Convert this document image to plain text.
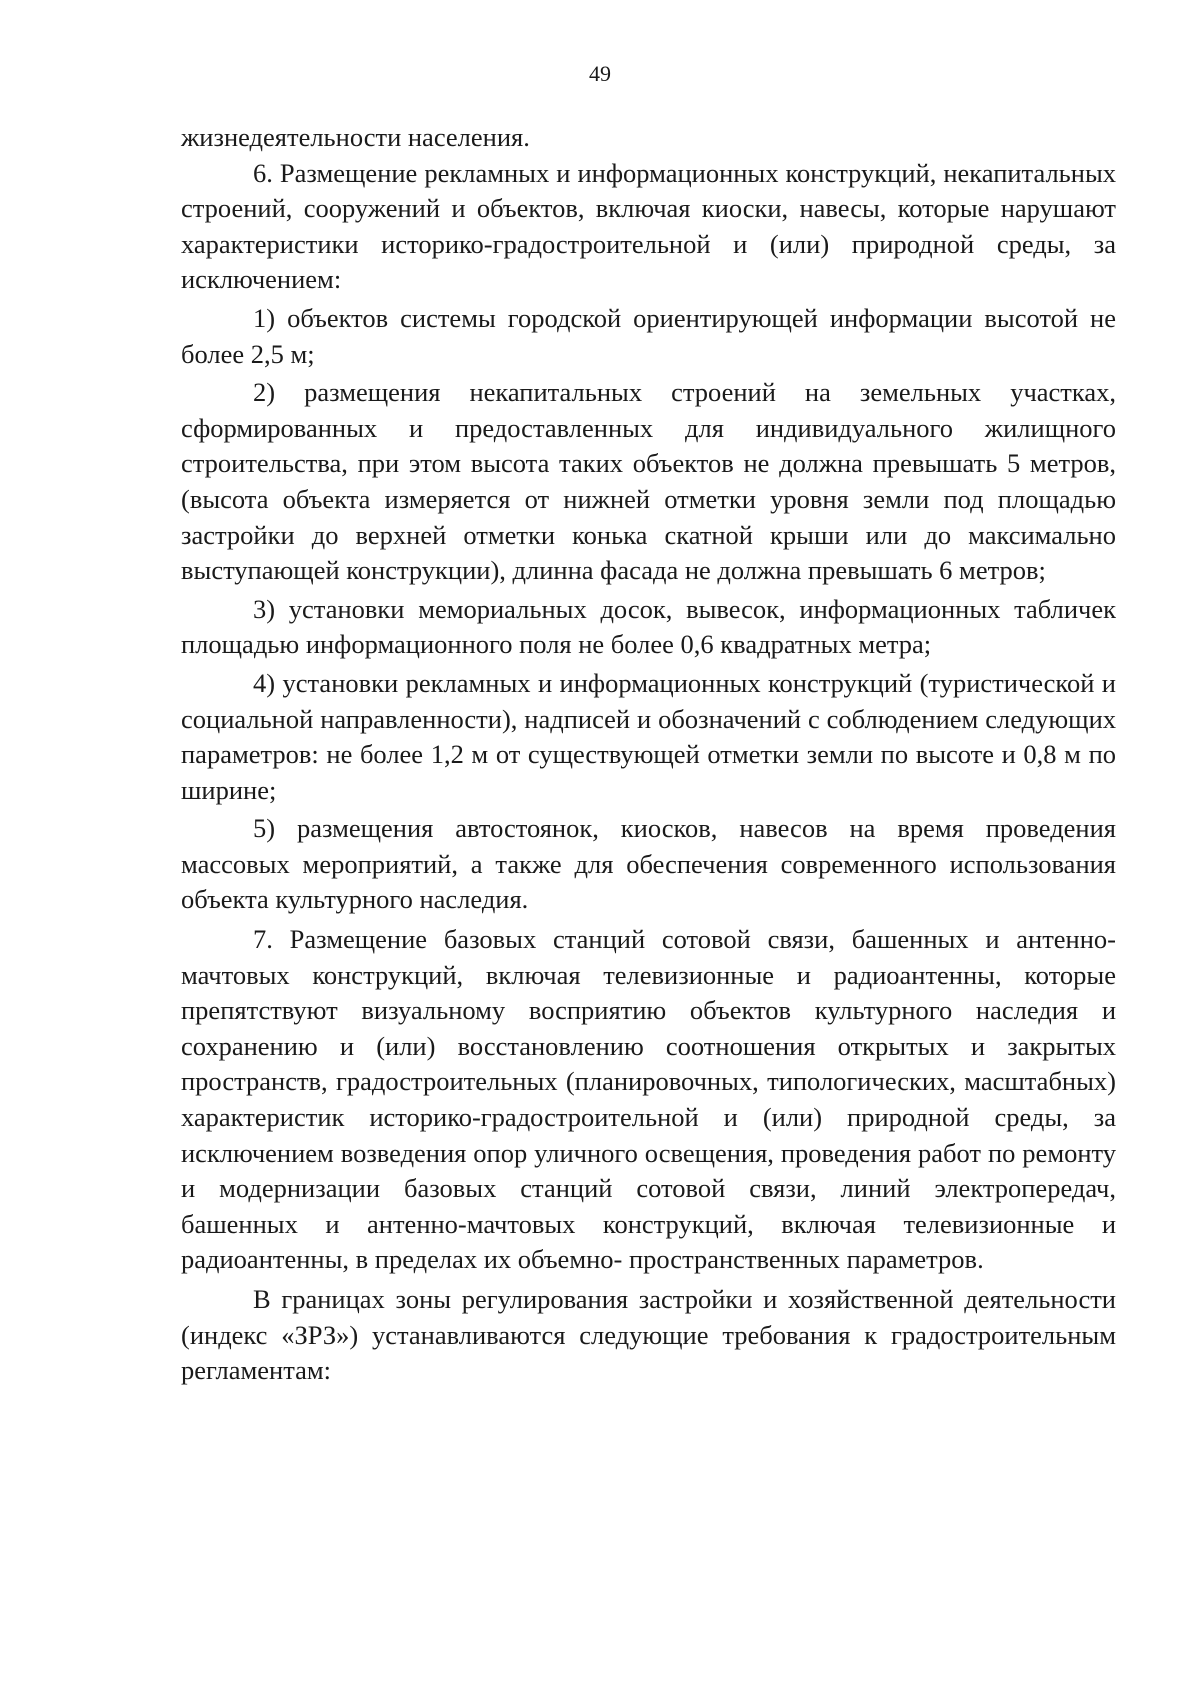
49

жизнедеятельности населения.

6. Размещение рекламных и информационных конструкций, некапитальных строений, сооружений и объектов, включая киоски, навесы, которые нарушают характеристики историко-градостроительной и (или) природной среды, за исключением:

1) объектов системы городской ориентирующей информации высотой не более 2,5 м;

2) размещения некапитальных строений на земельных участках, сформированных и предоставленных для индивидуального жилищного строительства, при этом высота таких объектов не должна превышать 5 метров, (высота объекта измеряется от нижней отметки уровня земли под площадью застройки до верхней отметки конька скатной крыши или до максимально выступающей конструкции), длинна фасада не должна превышать 6 метров;

3) установки мемориальных досок, вывесок, информационных табличек площадью информационного поля не более 0,6 квадратных метра;

4) установки рекламных и информационных конструкций (туристической и социальной направленности), надписей и обозначений с соблюдением следующих параметров: не более 1,2 м от существующей отметки земли по высоте и 0,8 м по ширине;

5) размещения автостоянок, киосков, навесов на время проведения массовых мероприятий, а также для обеспечения современного использования объекта культурного наследия.

7. Размещение базовых станций сотовой связи, башенных и антенно-мачтовых конструкций, включая телевизионные и радиоантенны, которые препятствуют визуальному восприятию объектов культурного наследия и сохранению и (или) восстановлению соотношения открытых и закрытых пространств, градостроительных (планировочных, типологических, масштабных) характеристик историко-градостроительной и (или) природной среды, за исключением возведения опор уличного освещения, проведения работ по ремонту и модернизации базовых станций сотовой связи, линий электропередач, башенных и антенно-мачтовых конструкций, включая телевизионные и радиоантенны, в пределах их объемно- пространственных параметров.

В границах зоны регулирования застройки и хозяйственной деятельности (индекс «ЗРЗ») устанавливаются следующие требования к градостроительным регламентам:
